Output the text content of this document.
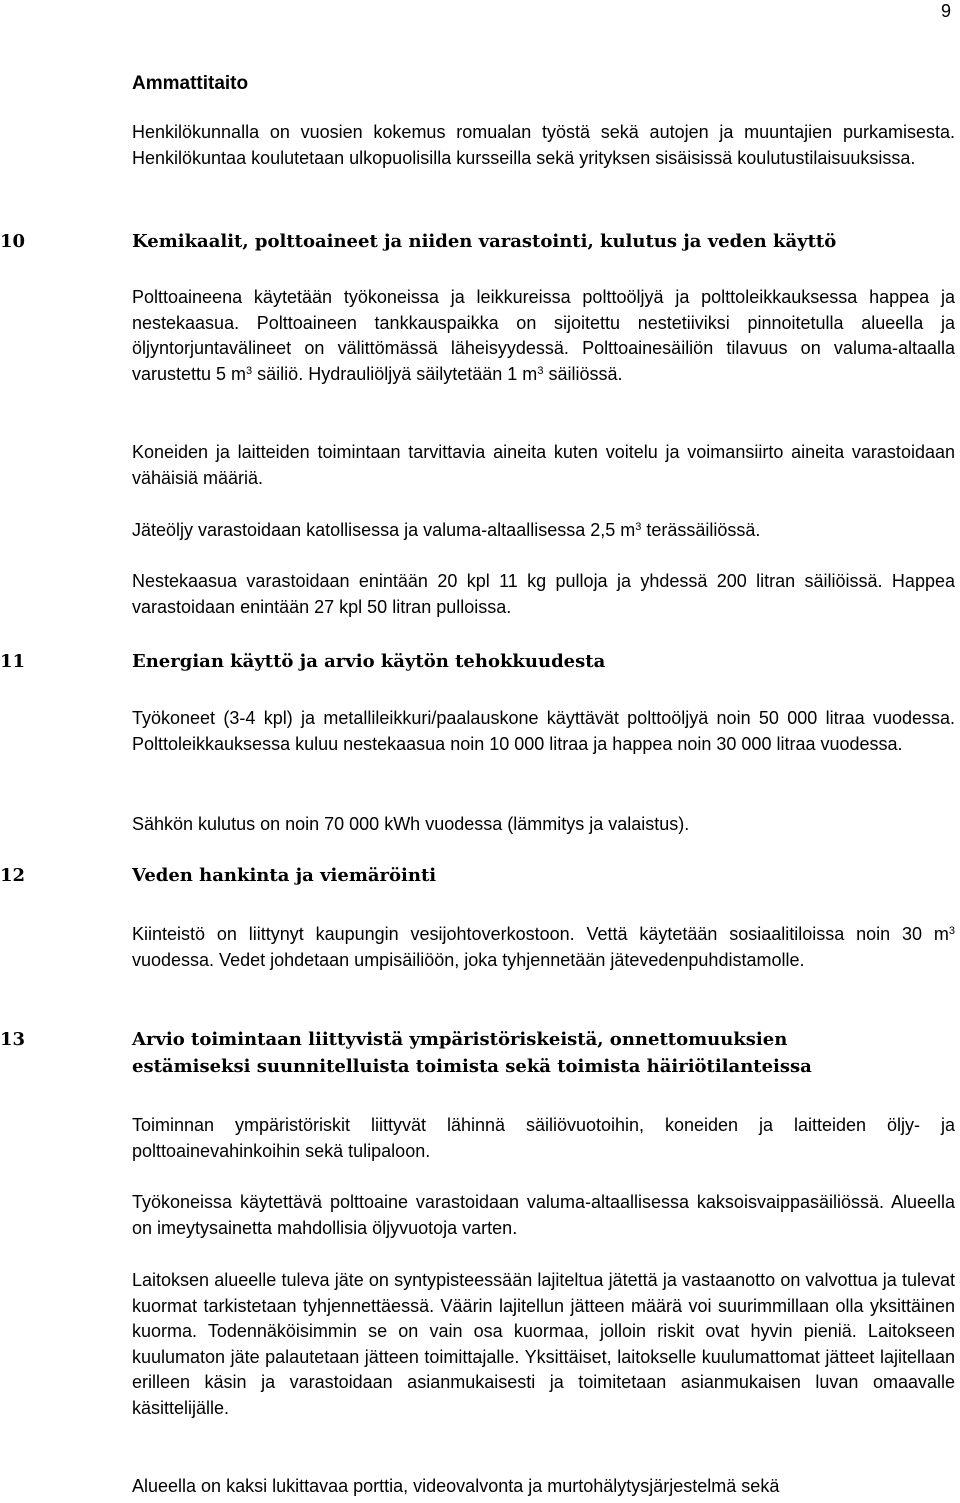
9
Ammattitaito

Henkilökunnalla on vuosien kokemus romualan työstä sekä autojen ja muuntajien purkamisesta. Henkilökuntaa koulutetaan ulkopuolisilla kursseilla sekä yrityksen sisäisissä koulutustilaisuuksissa.

10	Kemikaalit, polttoaineet ja niiden varastointi, kulutus ja veden käyttö

Polttoaineena käytetään työkoneissa ja leikkureissa polttoöljyä ja polttoleikkauksessa happea ja nestekaasua. Polttoaineen tankkauspaikka on sijoitettu nestetiiviksi pinnoitetulla alueella ja öljyntorjuntavälineet on välittömässä läheisyydessä. Polttoainesäiliön tilavuus on valuma-altaalla varustettu 5 $m^3$ säiliö. Hydrauliöljyä säilytetään 1 $m^3$ säiliössä.

Koneiden ja laitteiden toimintaan tarvittavia aineita kuten voitelu ja voimansiirto aineita varastoidaan vähäisiä määriä.

Jäteöljy varastoidaan katollisessa ja valuma-altaallisessa 2,5 $m^3$ terässäiliössä.

Nestekaasua varastoidaan enintään 20 kpl 11 kg pulloja ja yhdessä 200 litran säiliöissä. Happea varastoidaan enintään 27 kpl 50 litran pulloissa.

11	Energian käyttö ja arvio käytön tehokkuudesta

Työkoneet (3-4 kpl) ja metallileikkuri/paalauskone käyttävät polttoöljyä noin 50 000 litraa vuodessa. Polttoleikkauksessa kuluu nestekaasua noin 10 000 litraa ja happea noin 30 000 litraa vuodessa.

Sähkön kulutus on noin 70 000 kWh vuodessa (lämmitys ja valaistus).

12	Veden hankinta ja viemäröinti

Kiinteistö on liittynyt kaupungin vesijohtoverkostoon. Vettä käytetään sosiaalitiloissa noin 30 $m^3$ vuodessa. Vedet johdetaan umpisäiliöön, joka tyhjennetään jätevedenpuhdistamolle.

13	Arvio toimintaan liittyvistä ympäristöriskeistä, onnettomuuksien estämiseksi suunnitelluista toimista sekä toimista häiriötilanteissa

Toiminnan ympäristöriskit liittyvät lähinnä säiliövuotoihin, koneiden ja laitteiden öljy- ja polttoainevahinkoihin sekä tulipaloon.

Työkoneissa käytettävä polttoaine varastoidaan valuma-altaallisessa kaksoisvaippasäiliössä. Alueella on imeytysainetta mahdollisia öljyvuotoja varten.

Laitoksen alueelle tuleva jäte on syntypisteessään lajiteltua jätettä ja vastaanotto on valvottua ja tulevat kuormat tarkistetaan tyhjennettäessä. Väärin lajitellun jätteen määrä voi suurimmillaan olla yksittäinen kuorma. Todennäköisimmin se on vain osa kuormaa, jolloin riskit ovat hyvin pieniä. Laitokseen kuulumaton jäte palautetaan jätteen toimittajalle. Yksittäiset, laitokselle kuulumattomat jätteet lajitellaan erilleen käsin ja varastoidaan asianmukaisesti ja toimitetaan asianmukaisen luvan omaavalle käsittelijälle.

Alueella on kaksi lukittavaa porttia, videovalvonta ja murtohälytysjärjestelmä sekä
